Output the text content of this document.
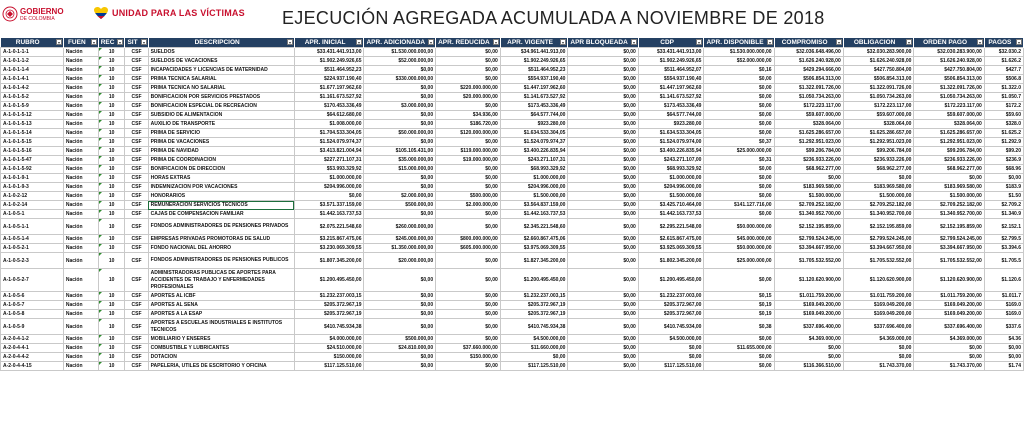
GOBIERNO
DE COLOMBIA
UNIDAD PARA LAS VÍCTIMAS EJECUCIÓN AGREGADA ACUMULADA A NOVIEMBRE DE 2018
RUBRO	FUEN	REC	SIT	DESCRIPCION	APR. INICIAL	APR. ADICIONADA	APR. REDUCIDA	APR. VIGENTE	APR BLOQUEADA	CDP	APR. DISPONIBLE	COMPROMISO	OBLIGACION	ORDEN PAGO	PAGOS

A-1-0-1-1-1	Nación	10	CSF	SUELDOS	$33.431.441.913,00	$1.530.000.000,00	$0,00	$34.961.441.913,00	$0,00	$33.431.441.913,00	$1.530.000.000,00	$32.036.648.496,00	$32.030.283.900,00	$32.030.283.900,00	$32.030.2
A-1-0-1-1-2	Nación	10	CSF	SUELDOS DE VACACIONES	$1.902.249.926,65	$52.000.000,00	$0,00	$1.902.249.926,65	$0,00	$1.902.249.926,65	$52.000.000,00	$1.626.240.928,00	$1.626.240.928,00	$1.626.240.928,00	$1.626.2
A-1-0-1-1-4	Nación	10	CSF	INCAPACIDADES Y LICENCIAS DE MATERNIDAD	$511.464.952,23	$0,00	$0,00	$511.464.952,23	$0,00	$511.464.952,07	$0,16	$429.294.666,00	$427.750.804,00	$427.750.804,00	$427.7
A-1-0-1-4-1	Nación	10	CSF	PRIMA TECNICA SALARIAL	$224.937.190,40	$330.000.000,00	$0,00	$554.937.190,40	$0,00	$554.937.190,40	$0,00	$506.854.313,00	$506.854.313,00	$506.854.313,00	$506.8
A-1-0-1-4-2	Nación	10	CSF	PRIMA TECNICA NO SALARIAL	$1.677.197.962,60	$0,00	$220.000.000,00	$1.447.197.962,60	$0,00	$1.447.197.962,60	$0,00	$1.322.091.726,00	$1.322.091.726,00	$1.322.091.726,00	$1.322.0
A-1-0-1-5-2	Nación	10	CSF	BONIFICACION POR SERVICIOS PRESTADOS	$1.161.673.527,92	$0,00	$20.000.000,00	$1.141.673.527,92	$0,00	$1.141.673.527,92	$0,00	$1.050.734.263,00	$1.050.734.263,00	$1.050.734.263,00	$1.050.7
A-1-0-1-5-9	Nación	10	CSF	BONIFICACION ESPECIAL DE RECREACION	$170.453.336,49	$3.000.000,00	$0,00	$173.453.336,49	$0,00	$173.453.336,49	$0,00	$172.223.117,00	$172.223.117,00	$172.223.117,00	$172.2
A-1-0-1-5-12	Nación	10	CSF	SUBSIDIO DE ALIMENTACION	$64.612.680,00	$0,00	$34.936,00	$64.577.744,00	$0,00	$64.577.744,00	$0,00	$59.607.000,00	$59.607.000,00	$59.607.000,00	$59.60
A-1-0-1-5-13	Nación	10	CSF	AUXILIO DE TRANSPORTE	$1.008.000,00	$0,00	$186.720,00	$923.280,00	$0,00	$923.280,00	$0,00	$328.064,00	$328.064,00	$328.064,00	$328.0
A-1-0-1-5-14	Nación	10	CSF	PRIMA DE SERVICIO	$1.704.533.304,05	$50.000.000,00	$120.000.000,00	$1.634.533.304,05	$0,00	$1.634.533.304,05	$0,00	$1.625.286.657,00	$1.625.286.657,00	$1.625.286.657,00	$1.625.2
A-1-0-1-5-15	Nación	10	CSF	PRIMA DE VACACIONES	$1.524.079.974,37	$0,00	$0,00	$1.524.079.974,37	$0,00	$1.524.079.974,00	$0,37	$1.292.951.023,00	$1.292.951.023,00	$1.292.951.023,00	$1.292.9
A-1-0-1-5-16	Nación	10	CSF	PRIMA DE NAVIDAD	$3.413.821.004,94	$105.105.431,00	$119.000.000,00	$3.400.226.835,94	$0,00	$3.400.226.835,94	$25.000.000,00	$99.206.784,00	$99.206.784,00	$99.206.784,00	$99.20
A-1-0-1-5-47	Nación	10	CSF	PRIMA DE COORDINACION	$227.271.107,31	$35.000.000,00	$19.000.000,00	$243.271.107,31	$0,00	$243.271.107,00	$0,31	$236.933.226,00	$236.933.226,00	$236.933.226,00	$236.9
A-1-0-1-5-92	Nación	10	CSF	BONIFICACION DE DIRECCION	$53.993.329,92	$15.000.000,00	$0,00	$68.993.329,92	$0,00	$68.993.329,92	$0,00	$68.962.277,00	$68.962.277,00	$68.962.277,00	$68.96
A-1-0-1-9-1	Nación	10	CSF	HORAS EXTRAS	$1.000.000,00	$0,00	$0,00	$1.000.000,00	$0,00	$1.000.000,00	$0,00	$0,00	$0,00	$0,00	$0,00
A-1-0-1-9-3	Nación	10	CSF	INDEMNIZACION POR VACACIONES	$204.996.000,00	$0,00	$0,00	$204.996.000,00	$0,00	$204.996.000,00	$0,00	$183.969.580,00	$183.969.580,00	$183.969.580,00	$183.9
A-1-0-2-12	Nación	10	CSF	HONORARIOS	$0,00	$2.000.000,00	$500.000,00	$1.500.000,00	$0,00	$1.500.000,00	$0,00	$1.500.000,00	$1.500.000,00	$1.500.000,00	$1.50
A-1-0-2-14	Nación	10	CSF	REMUNERACION SERVICIOS TECNICOS	$3.571.337.159,00	$500.000,00	$2.000.000,00	$3.564.837.159,00	$0,00	$3.425.710.464,00	$141.127.716,00	$2.709.252.182,00	$2.709.252.182,00	$2.709.252.182,00	$2.709.2
A-1-0-5-1	Nación	10	CSF	CAJAS DE COMPENSACION FAMILIAR	$1.442.163.737,53	$0,00	$0,00	$1.442.163.737,53	$0,00	$1.442.163.737,53	$0,00	$1.340.952.700,00	$1.340.952.700,00	$1.340.952.700,00	$1.340.9
A-1-0-5-1-1	Nación	10	CSF	FONDOS ADMINISTRADORES DE PENSIONES PRIVADOS	$2.075.221.548,60	$260.000.000,00	$0,00	$2.345.221.548,60	$0,00	$2.295.221.548,00	$50.000.000,00	$2.152.195.859,00	$2.152.195.859,00	$2.152.195.859,00	$2.152.1
A-1-0-5-1-4	Nación	10	CSF	EMPRESAS PRIVADAS PROMOTORAS DE SALUD	$3.215.867.475,06	$245.000.000,00	$800.000.000,00	$2.660.867.475,06	$0,00	$2.615.867.475,00	$45.000.000,00	$2.799.524.245,00	$2.799.524.245,00	$2.799.524.245,00	$2.799.5
A-1-0-5-2-1	Nación	10	CSF	FONDO NACIONAL DEL AHORRO	$3.230.069.309,55	$1.350.000.000,00	$605.000.000,00	$3.975.069.309,55	$0,00	$3.925.069.309,55	$50.000.000,00	$3.394.667.950,00	$3.394.667.950,00	$3.394.667.950,00	$3.394.6
A-1-0-5-2-3	Nación	10	CSF	FONDOS ADMINISTRADORES DE PENSIONES PUBLICOS	$1.807.345.200,00	$20.000.000,00	$0,00	$1.827.345.200,00	$0,00	$1.802.345.200,00	$25.000.000,00	$1.705.532.552,00	$1.705.532.552,00	$1.705.532.552,00	$1.705.5
A-1-0-5-2-7	Nación	10	CSF	ADMINISTRADORAS PUBLICAS DE APORTES PARA ACCIDENTES DE TRABAJO Y ENFERMEDADES PROFESIONALES	$1.200.495.450,00	$0,00	$0,00	$1.200.495.450,00	$0,00	$1.200.495.450,00	$0,00	$1.120.620.900,00	$1.120.620.900,00	$1.120.620.900,00	$1.120.6
A-1-0-5-6	Nación	10	CSF	APORTES AL ICBF	$1.232.237.003,15	$0,00	$0,00	$1.232.237.003,15	$0,00	$1.232.237.003,00	$0,15	$1.011.759.200,00	$1.011.759.200,00	$1.011.759.200,00	$1.011.7
A-1-0-5-7	Nación	10	CSF	APORTES AL SENA	$205.372.967,19	$0,00	$0,00	$205.372.967,19	$0,00	$205.372.967,00	$0,19	$169.049.200,00	$169.049.200,00	$169.049.200,00	$169.0
A-1-0-5-8	Nación	10	CSF	APORTES A LA ESAP	$205.372.967,19	$0,00	$0,00	$205.372.967,19	$0,00	$205.372.967,00	$0,19	$169.049.200,00	$169.049.200,00	$169.049.200,00	$169.0
A-1-0-5-9	Nación	10	CSF	APORTES A ESCUELAS INDUSTRIALES E INSTITUTOS TECNICOS	$410.745.934,38	$0,00	$0,00	$410.745.934,38	$0,00	$410.745.934,00	$0,38	$337.696.400,00	$337.696.400,00	$337.696.400,00	$337.6
A-2-0-4-1-2	Nación	10	CSF	MOBILIARIO Y ENSERES	$4.000.000,00	$500.000,00	$0,00	$4.500.000,00	$0,00	$4.500.000,00	$0,00	$4.369.000,00	$4.369.000,00	$4.369.000,00	$4.36
A-2-0-4-4-1	Nación	10	CSF	COMBUSTIBLE Y LUBRICANTES	$24.510.000,00	$24.810.000,00	$37.660.000,00	$11.660.000,00	$0,00	$0,00	$11.655.000,00	$0,00	$0,00	$0,00	$0,00
A-2-0-4-4-2	Nación	10	CSF	DOTACION	$150.000,00	$0,00	$150.000,00	$0,00	$0,00	$0,00	$0,00	$0,00	$0,00	$0,00	$0,00
A-2-0-4-4-15	Nación	10	CSF	PAPELERIA, UTILES DE ESCRITORIO Y OFICINA	$117.125.510,00	$0,00	$0,00	$117.125.510,00	$0,00	$117.125.510,00	$0,00	$116.366.510,00	$1.743.370,00	$1.743.370,00	$1.74
